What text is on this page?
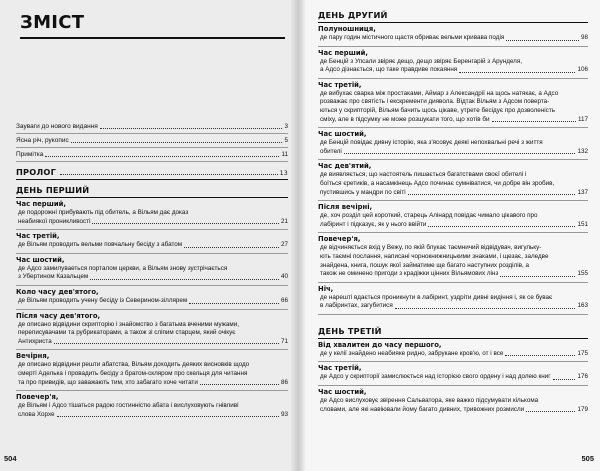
ЗМІСТ
Зауваги до нового видання	3
Ясна річ, рукопис	5
Примітка	11
ПРОЛОГ	13
ДЕНЬ ПЕРШИЙ
Час перший,
де подорожні прибувають під обитель, а Вільям дає доказ
неабиякої проникливості	21
Час третій,
де Вільям проводить вельми повчальну бесіду з абатом	27
Час шостий,
де Адсо замилуваеться порталом церкви, а Вільям знову зустрічається
з Убертином Казальцем	40
Коло часу дев'ятого,
де Вільям проводить ученy бесіду із Северином-зіллярем	66
Після часу дев'ятого,
де описано відвідини скрипторію і знайомство з багатьма вченими мужами,
переписувачами та рубрикаторами, а також зі сліпим старцем, який очікує
Антихриста	71
Вечірня,
де описано відвідини решти абатства, Вільям доходить деяких висновків щодо
смерті Аделька і провадить бесіду з братом-скляром про скельця для читання
та про привидів, що заважають тим, хто забагато хоче читати	86
Повечер'я,
де Вільям і Адсо тішаться радою гостинністю абата і вислуховують гнівливі
слова Хорхе	93
504
ДЕНЬ ДРУГИЙ
Полуношниця,
де пару годин містичного щастя обриває вельми кривава подія	98
Час перший,
де Бенцій з Упсали звіряє дещо, дещо звіряє Беренгарій з Арунделя,
а Адсо дізнається, що таке правдиве покаяння	106
Час третій,
де вибухає сварка між простаками, Аймар з Александрії на щось натякає, а Адсо
розважає про святість і екскременти диявола. Відтак Вільям з Адсом поверта-
ються у скрипторій, Вільям бачить щось цікаве, утрете бесідує про дозволеність
сміху, але в підсумку не може розшукати того, що хотів би	117
Час шостий,
де Бенцій повідає дивну історію, яка з'ясовує деякі непохвальні речі з життя
обителі	132
Час дев'ятий,
де виявляється, що настоятель пишається багатствами своєї обителі і
боїться єретиків, а насамкінець Адсо починає сумніватися, чи добре він зробив,
пустившись у мандри по світі	137
Після вечірні,
де, хоч розділ цей короткий, старець Алінард повідає чимало цікавого про
лабіринт і підказує, як у нього ввійти	151
Повечер'я,
де відчиняється вхід у Вежу, по якій блукає таємничий відвідувач, вигульку-
ють таємні послання, написані чорнокнижницькими знаками, і щезає, заледве
знайдена, книга, пошук якої займатиме ще багато наступних розділів, а
також не оминено пригоди з крадіжки цінних Вільямових лінз	155
Ніч,
де нарешті вдається проникнути в лабіринт, уздріти дивні видіння і, як се буває
в лабіринтах, загубитися	163
ДЕНЬ ТРЕТІЙ
Від хвалитен до часу першого,
де у келії знайдено неабияке ридно, забрукане кров'ю, от і все	175
Час третій,
де Адсо у скрипторії замислюється над історією свого ордену і над долею книг	176
Час шостий,
де Адсо вислуховує звірення Сальватора, яке важко підсумувати кількома
словами, але які навіювали йому багато дивних, тривожних розмисли	179
505
